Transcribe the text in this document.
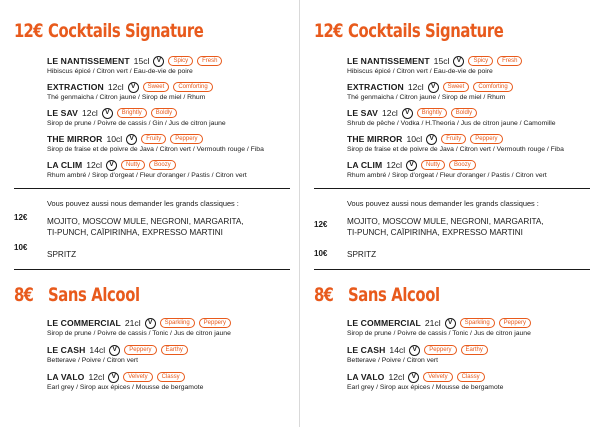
12€ Cocktails Signature
LE NANTISSEMENT 15cl	V	Spicy	Fresh
Hibiscus épicé / Citron vert / Eau-de-vie de poire
EXTRACTION 12cl	V	Sweet	Comforting
Thé genmaicha / Citron jaune / Sirop de miel / Rhum
LE SAV 12cl	V	Brightly	Boldly
Sirop de prune / Poivre de cassis / Gin / Jus de citron jaune
THE MIRROR 10cl	V	Fruity	Peppery
Sirop de fraise et de poivre de Java / Citron vert / Vermouth rouge / Fiba
LA CLIM 12cl	V	Nutty	Boozy
Rhum ambré / Sirop d'orgeat / Fleur d'oranger / Pastis / Citron vert
Vous pouvez aussi nous demander les grands classiques :
12€ MOJITO, MOSCOW MULE, NEGRONI, MARGARITA,
TI-PUNCH, CAÏPIRINHA, EXPRESSO MARTINI
10€
SPRITZ
8€ Sans Alcool
LE COMMERCIAL 21cl	V	Sparkling	Peppery
Sirop de prune / Poivre de cassis / Tonic / Jus de citron jaune
LE CASH 14cl	V	Peppery	Earthy
Betterave / Poivre / Citron vert
LA VALO 12cl	V	Velvety	Classy
Earl grey / Sirop aux épices / Mousse de bergamote
12€ Cocktails Signature
LE NANTISSEMENT 15cl	V	Spicy	Fresh
Hibiscus épicé / Citron vert / Eau-de-vie de poire
EXTRACTION 12cl	V	Sweet	Comforting
Thé genmaicha / Citron jaune / Sirop de miel / Rhum
LE SAV 12cl	V	Brightly	Boldly
Shrub de pêche / Vodka / H.Theoria / Jus de citron jaune / Camomille
THE MIRROR 10cl	V	Fruity	Peppery
Sirop de fraise et de poivre de Java / Citron vert / Vermouth rouge / Fiba
LA CLIM 12cl	V	Nutty	Boozy
Rhum ambré / Sirop d'orgeat / Fleur d'oranger / Pastis / Citron vert
Vous pouvez aussi nous demander les grands classiques :
12€ MOJITO, MOSCOW MULE, NEGRONI, MARGARITA,
TI-PUNCH, CAÏPIRINHA, EXPRESSO MARTINI
10€ SPRITZ
8€ Sans Alcool
LE COMMERCIAL 21cl	V	Sparkling	Peppery
Sirop de prune / Poivre de cassis / Tonic / Jus de citron jaune
LE CASH 14cl	V	Peppery	Earthy
Betterave / Poivre / Citron vert
LA VALO 12cl	V	Velvety	Classy
Earl grey / Sirop aux épices / Mousse de bergamote
